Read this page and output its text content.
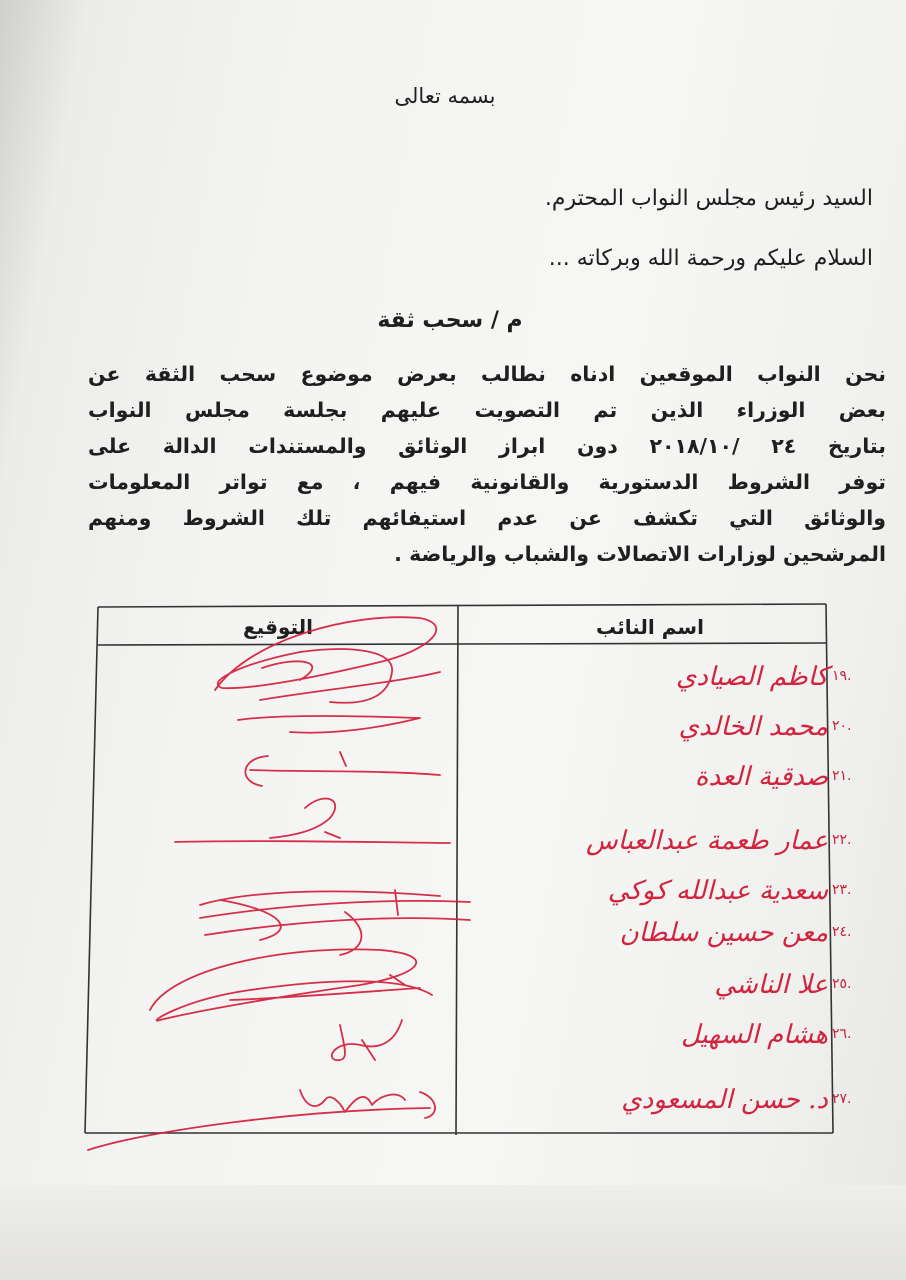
بسمه تعالى
السيد رئيس مجلس النواب المحترم.
السلام عليكم ورحمة الله وبركاته ...
م / سحب ثقة
نحن النواب الموقعين ادناه نطالب بعرض موضوع سحب الثقة عن
بعض الوزراء الذين تم التصويت عليهم بجلسة مجلس النواب
بتاريخ ٢٤ /٢٠١٨/١٠ دون ابراز الوثائق والمستندات الدالة على
توفر الشروط الدستورية والقانونية فيهم ، مع تواتر المعلومات
والوثائق التي تكشف عن عدم استيفائهم تلك الشروط ومنهم
المرشحين لوزارات الاتصالات والشباب والرياضة .
اسم النائب
التوقيع
١٩.
كاظم الصيادي
٢٠.
محمد الخالدي
٢١.
صدقية العدة
٢٢.
عمار طعمة عبدالعباس
٢٣.
سعدية عبدالله كوكي
٢٤.
معن حسين سلطان
٢٥.
علا الناشي
٢٦.
هشام السهيل
٢٧.
د. حسن المسعودي
